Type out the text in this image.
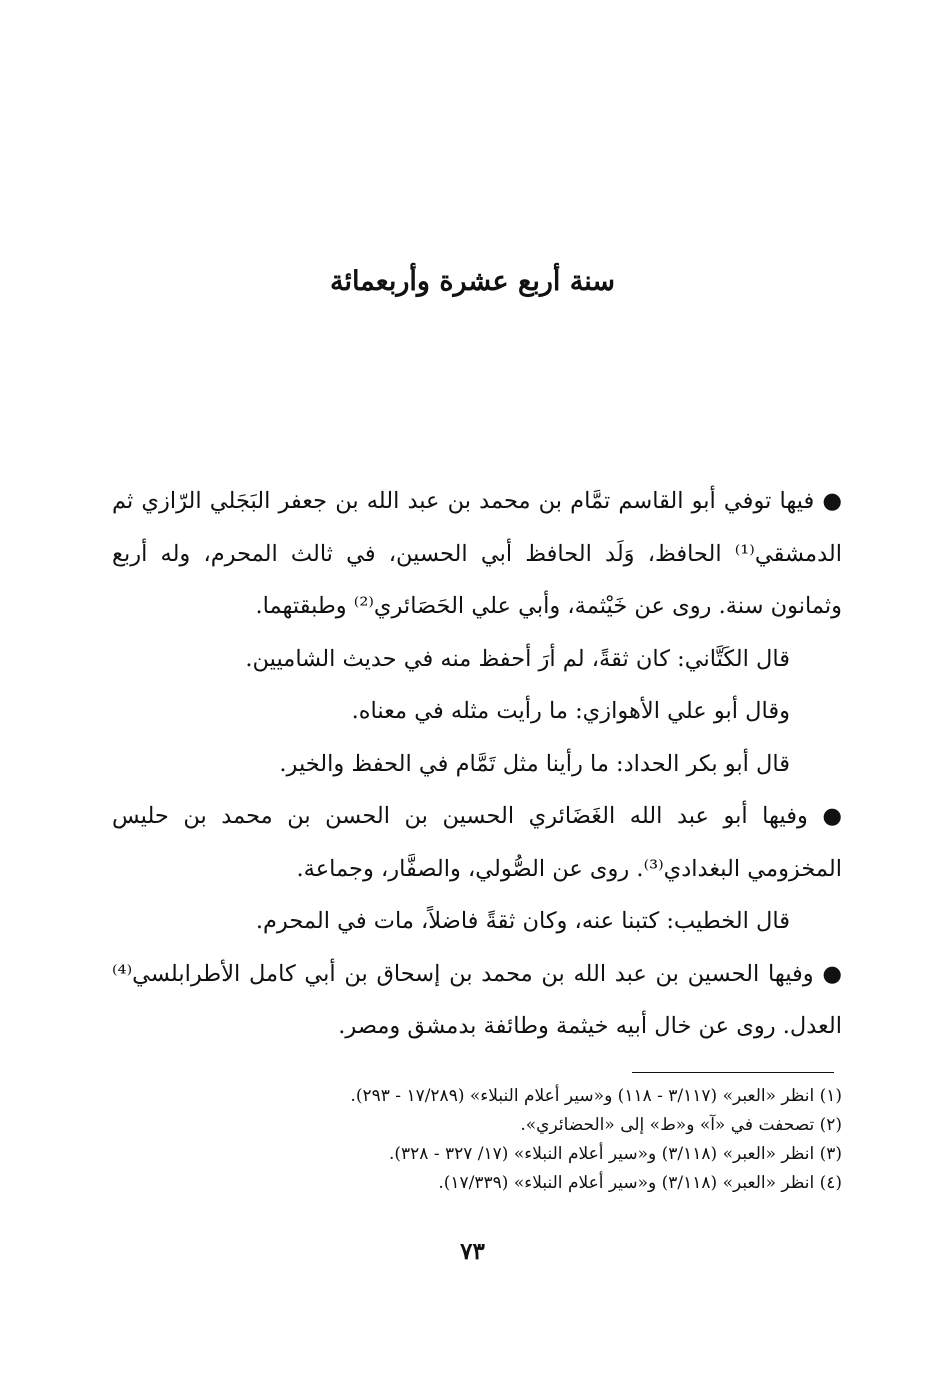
سنة أربع عشرة وأربعمائة

● فيها توفي أبو القاسم تمَّام بن محمد بن عبد الله بن جعفر البَجَلي الرّازي ثم الدمشقي⁽¹⁾ الحافظ، وَلَد الحافظ أبي الحسين، في ثالث المحرم، وله أربع وثمانون سنة. روى عن خَيْثمة، وأبي علي الحَصَائري⁽²⁾ وطبقتهما.

قال الكَتَّاني: كان ثقةً، لم أرَ أحفظ منه في حديث الشاميين.

وقال أبو علي الأهوازي: ما رأيت مثله في معناه.

قال أبو بكر الحداد: ما رأينا مثل تَمَّام في الحفظ والخير.

● وفيها أبو عبد الله الغَضَائري الحسين بن الحسن بن محمد بن حليس المخزومي البغدادي⁽³⁾. روى عن الصُّولي، والصفَّار، وجماعة.

قال الخطيب: كتبنا عنه، وكان ثقةً فاضلاً، مات في المحرم.

● وفيها الحسين بن عبد الله بن محمد بن إسحاق بن أبي كامل الأطرابلسي⁽⁴⁾ العدل. روى عن خال أبيه خيثمة وطائفة بدمشق ومصر.

(١) انظر «العبر» (٣/١١٧ - ١١٨) و«سير أعلام النبلاء» (١٧/٢٨٩ - ٢٩٣).

(٢) تصحفت في «آ» و«ط» إلى «الحضائري».

(٣) انظر «العبر» (٣/١١٨) و«سير أعلام النبلاء» (١٧/ ٣٢٧ - ٣٢٨).

(٤) انظر «العبر» (٣/١١٨) و«سير أعلام النبلاء» (١٧/٣٣٩).

٧٣
